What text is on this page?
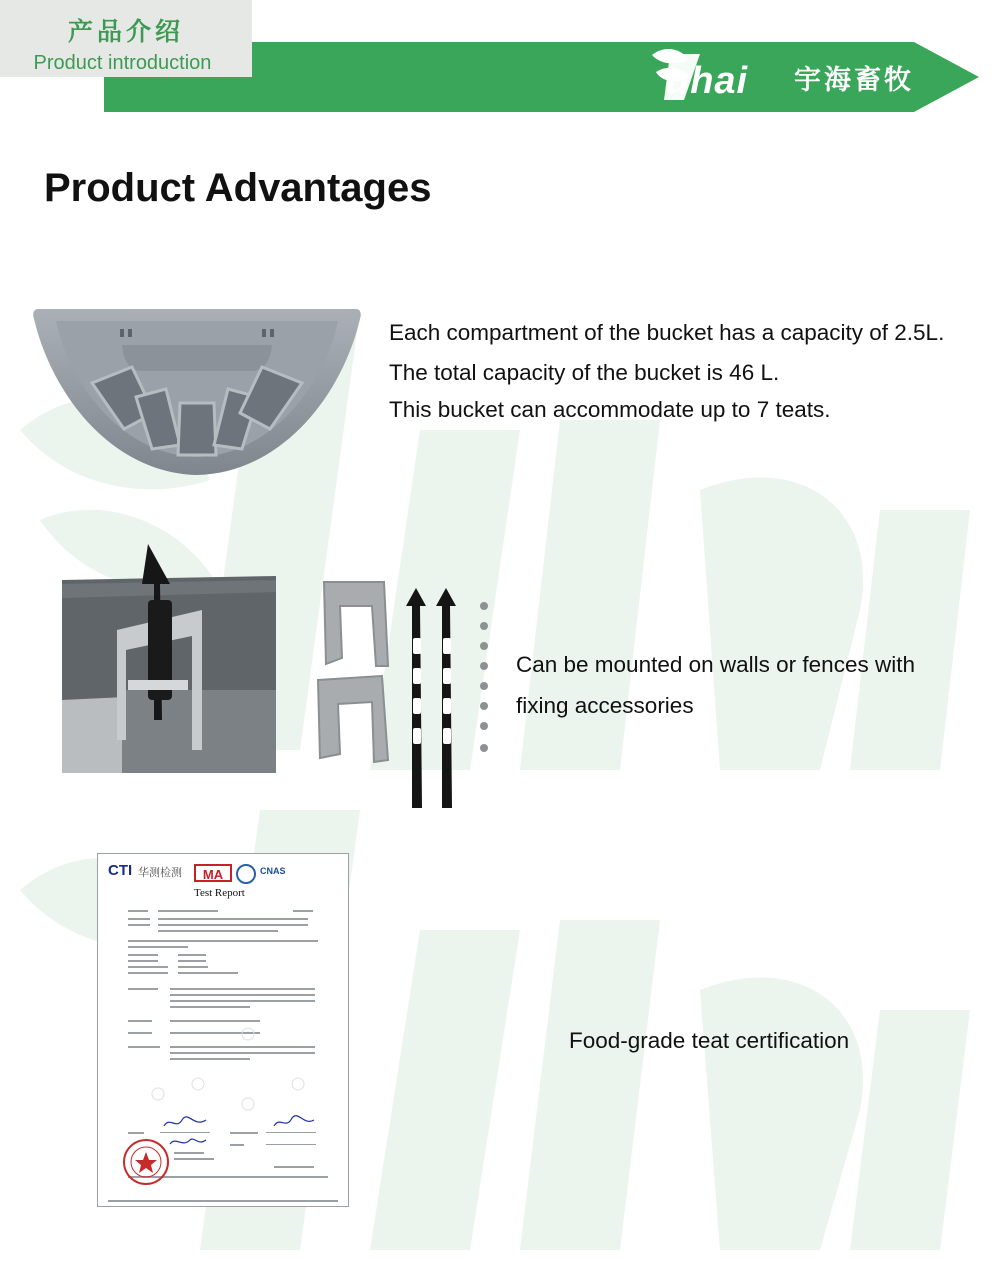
产品介绍
Product introduction	uhai 宇海畜牧
Product Advantages
Each compartment of the bucket has a capacity of 2.5L.
The total capacity of the bucket is 46 L.
This bucket can accommodate up to 7 teats.
Can be mounted on walls or fences with
fixing accessories
CTI 华测检测	MA	CNAS
Test Report
Food-grade teat certification
